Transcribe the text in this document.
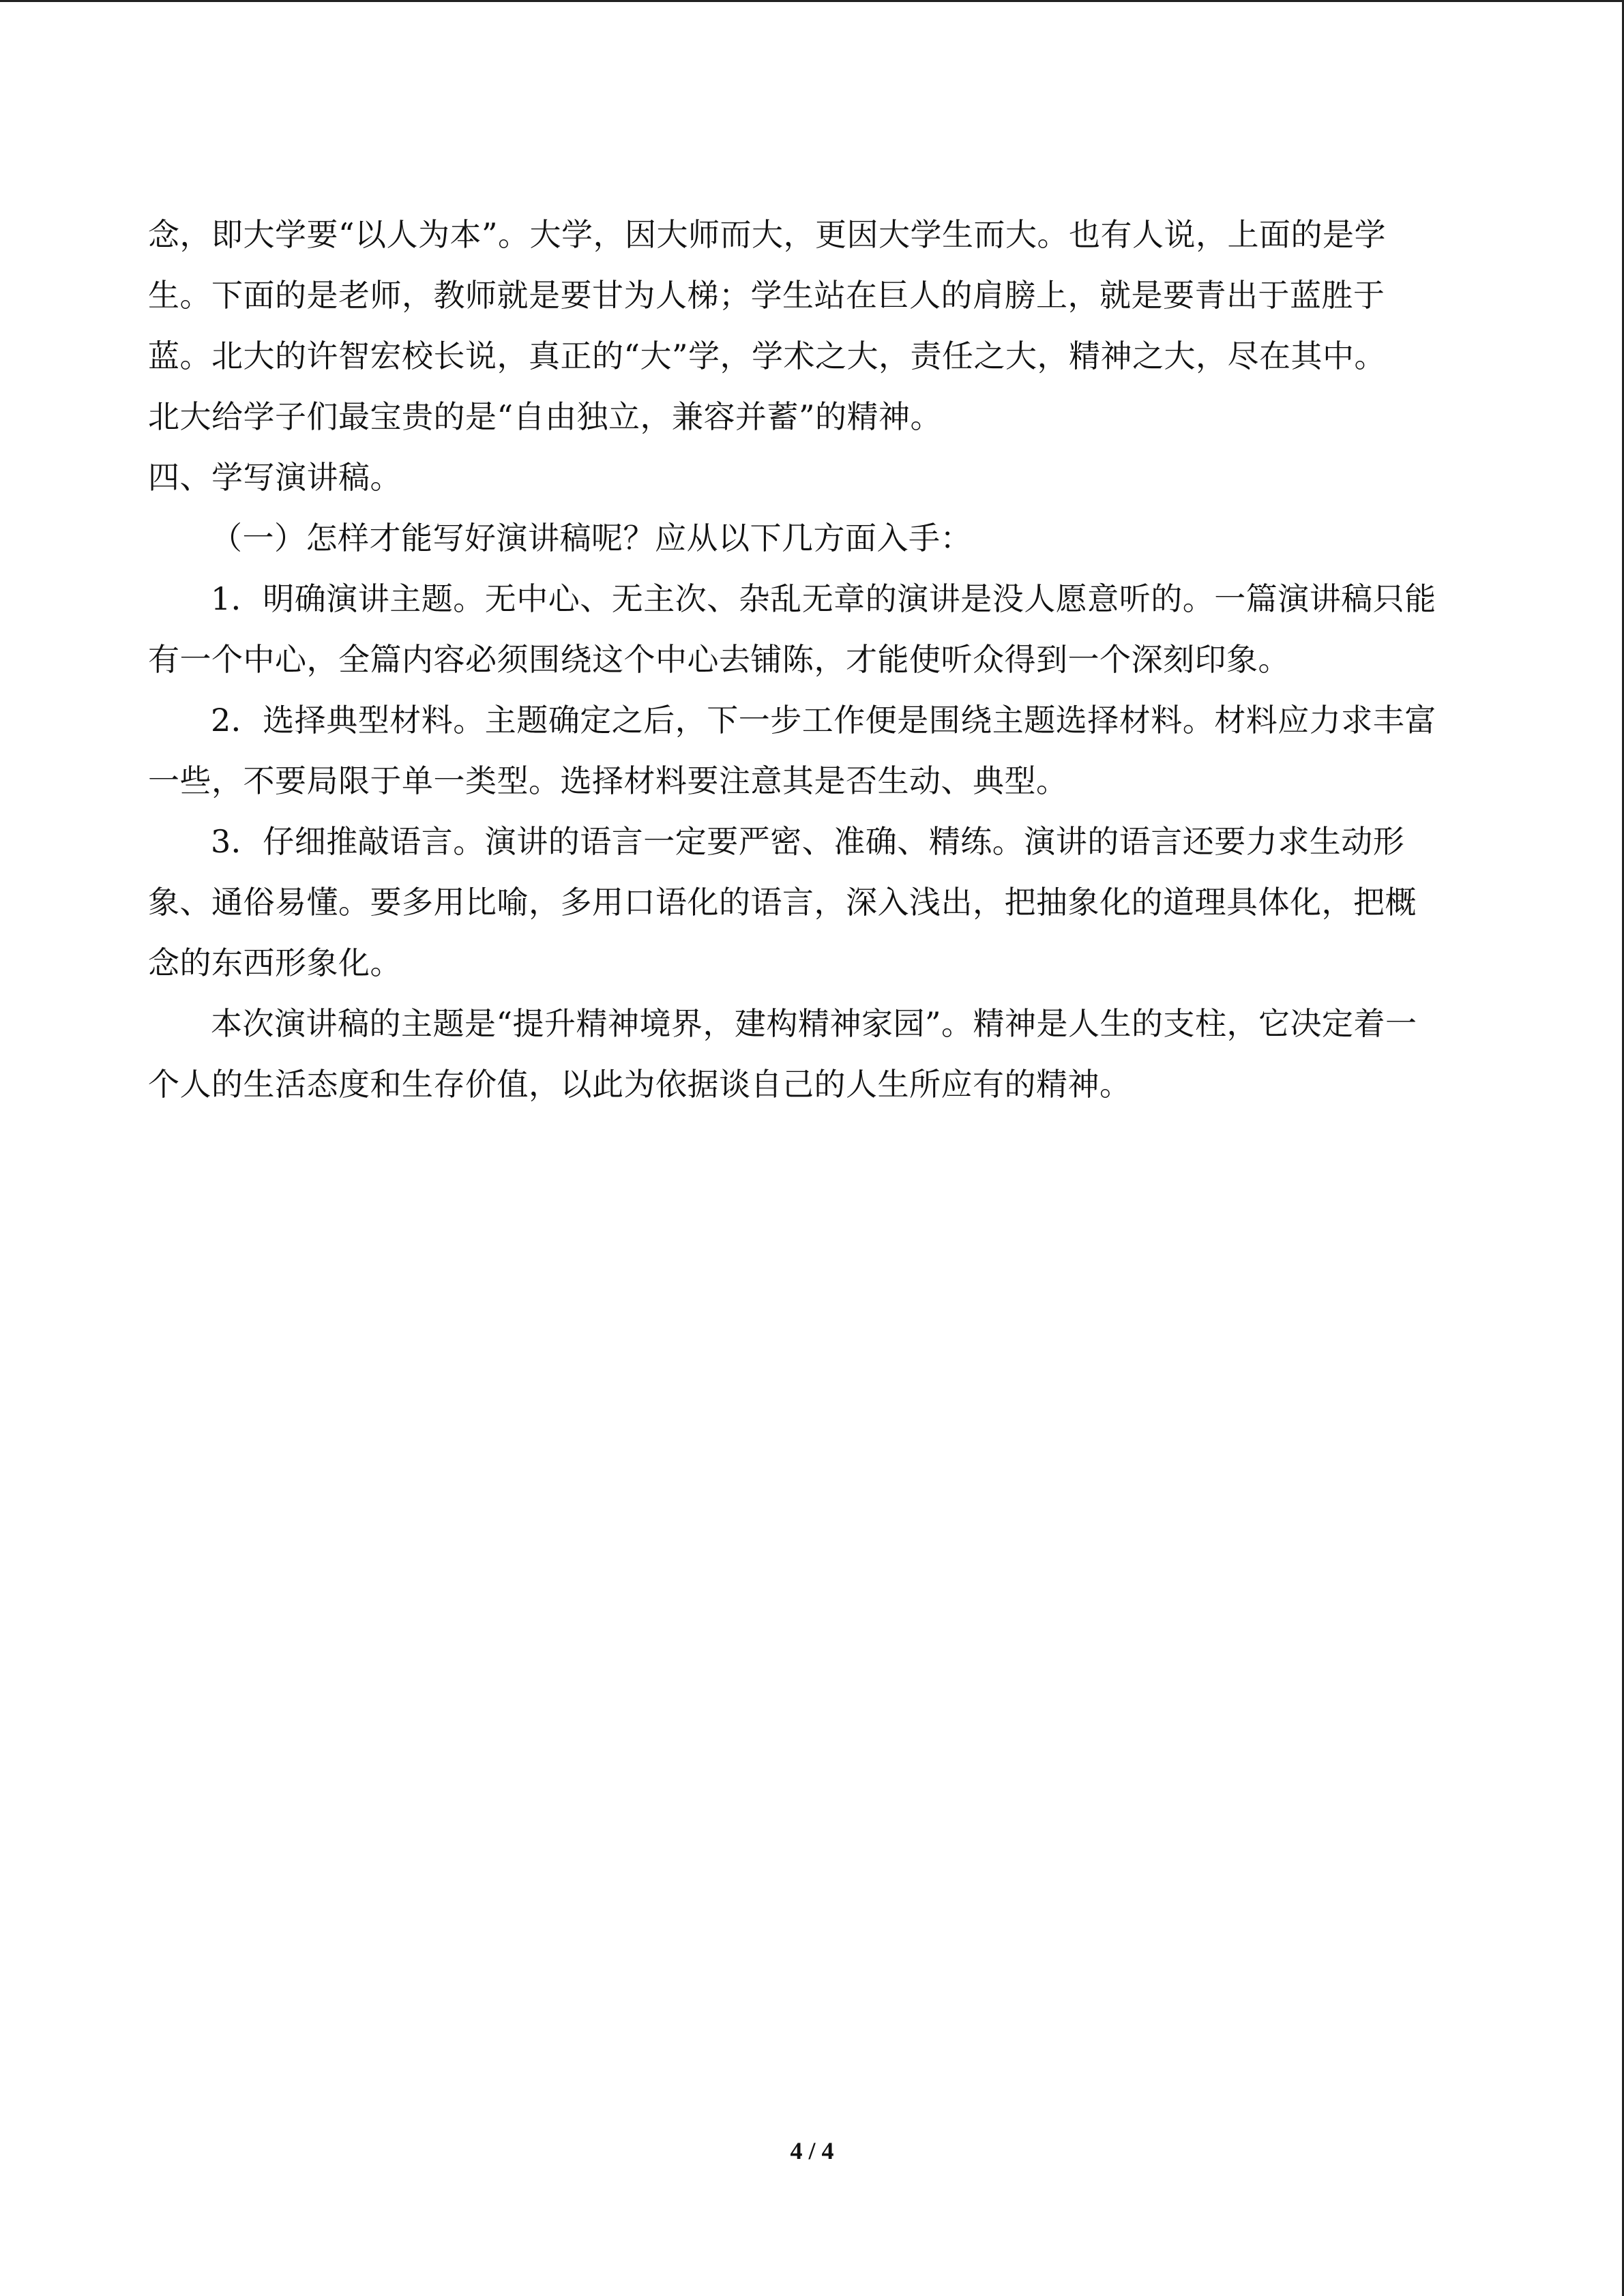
念，即大学要“以人为本”。大学，因大师而大，更因大学生而大。也有人说，上面的是学
生。下面的是老师，教师就是要甘为人梯；学生站在巨人的肩膀上，就是要青出于蓝胜于
蓝。北大的许智宏校长说，真正的“大”学，学术之大，责任之大，精神之大，尽在其中。
北大给学子们最宝贵的是“自由独立，兼容并蓄”的精神。
四、学写演讲稿。
（一）怎样才能写好演讲稿呢？应从以下几方面入手：
1．明确演讲主题。无中心、无主次、杂乱无章的演讲是没人愿意听的。一篇演讲稿只能
有一个中心，全篇内容必须围绕这个中心去铺陈，才能使听众得到一个深刻印象。
2．选择典型材料。主题确定之后，下一步工作便是围绕主题选择材料。材料应力求丰富
一些，不要局限于单一类型。选择材料要注意其是否生动、典型。
3．仔细推敲语言。演讲的语言一定要严密、准确、精练。演讲的语言还要力求生动形
象、通俗易懂。要多用比喻，多用口语化的语言，深入浅出，把抽象化的道理具体化，把概
念的东西形象化。
本次演讲稿的主题是“提升精神境界，建构精神家园”。精神是人生的支柱，它决定着一
个人的生活态度和生存价值，以此为依据谈自己的人生所应有的精神。
4 / 4
